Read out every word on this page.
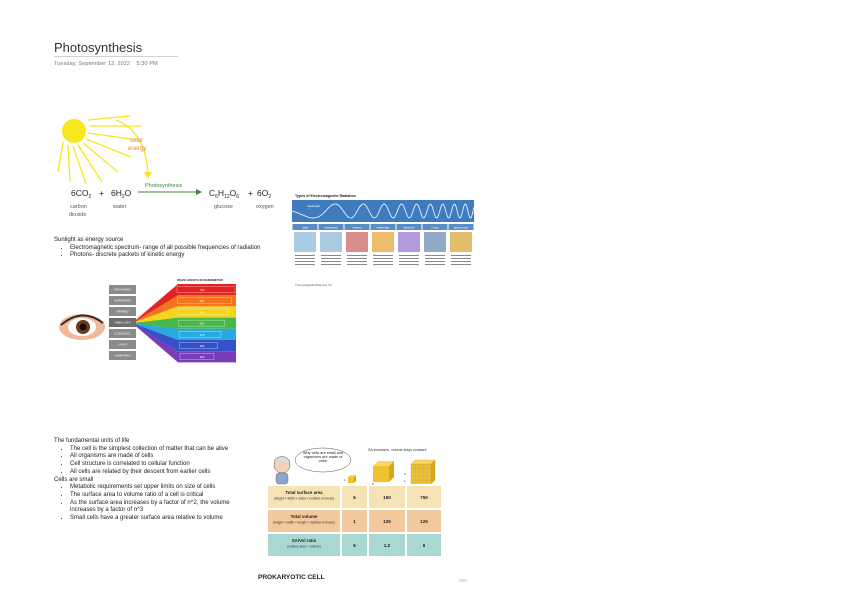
Photosynthesis
Tuesday, September 13, 2022 5:30 PM
solar
energy
$6CO_2 + 6H_2O$
Photosynthesis
$C_6H_{12}O_6 + 6O_2$
carbon
dioxide
water	glucose	oxygen
Types of Electromagnetic Radiation
wavelength
radio	microwaves	infrared	visible light	ultraviolet	X-rays	gamma rays
© Encyclopaedia Britannica, Inc.
Sunlight as energy source
• Electromagnetic spectrum- range of all possible frequencies of radiation
• Photons- discrete packets of kinetic energy
RADIO WAVES
MICROWAVES
INFRARED
VISIBLE LIGHT
ULTRAVIOLET
X-RAYS
GAMMA RAYS
WAVE LENGTH IN NANOMETER
700
600
580
550
475
450
400
The fundamental units of life
• The cell is the simplest collection of matter that can be alive
• All organisms are made of cells
• Cell structure is correlated to cellular function
• All cells are related by their descent from earlier cells
Cells are small
• Metabolic requirements set upper limits on size of cells
• The surface area to volume ratio of a cell is critical
• As the surface area increases by a factor of n^2, the volume increases by a factor of n^3
• Small cells have a greater surface area relative to volume
Why cells are small and organisms are made of cells!
SA increases, volume stays constant
1
5
5
1
Total surface area
(height × width × sides × number of boxes)	6	150	750
Total volume
(height × width × length × number of boxes)	1	125	125
SA/Vol ratio
(surface area ÷ volume)	6	1.2	6
PROKARYOTIC CELL
